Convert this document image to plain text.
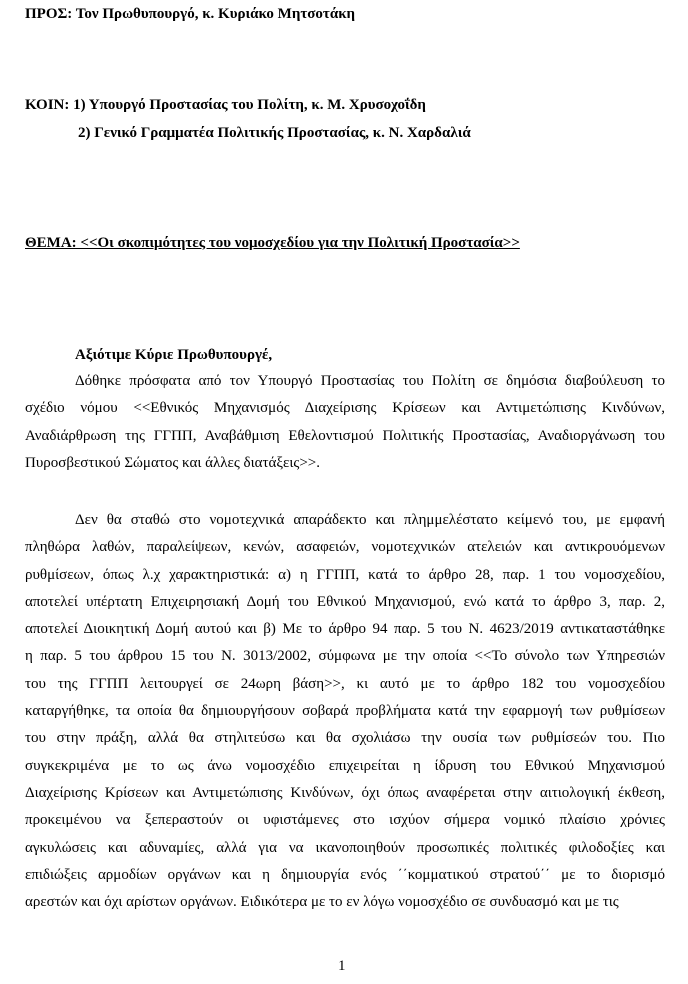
ΠΡΟΣ: Τον Πρωθυπουργό, κ. Κυριάκο Μητσοτάκη
ΚΟΙΝ: 1) Υπουργό Προστασίας του Πολίτη, κ. Μ. Χρυσοχοΐδη
2) Γενικό Γραμματέα Πολιτικής Προστασίας, κ. Ν. Χαρδαλιά
ΘΕΜΑ: <<Οι σκοπιμότητες του νομοσχεδίου για την Πολιτική Προστασία>>
Αξιότιμε Κύριε Πρωθυπουργέ,
Δόθηκε πρόσφατα από τον Υπουργό Προστασίας του Πολίτη σε δημόσια διαβούλευση το
σχέδιο νόμου <<Εθνικός Μηχανισμός Διαχείρισης Κρίσεων και Αντιμετώπισης Κινδύνων,
Αναδιάρθρωση της ΓΓΠΠ, Αναβάθμιση Εθελοντισμού Πολιτικής Προστασίας, Αναδιοργάνωση του
Πυροσβεστικού Σώματος και άλλες διατάξεις>>.
Δεν θα σταθώ στο νομοτεχνικά απαράδεκτο και πλημμελέστατο κείμενό του, με εμφανή
πληθώρα λαθών, παραλείψεων, κενών, ασαφειών, νομοτεχνικών ατελειών και αντικρουόμενων
ρυθμίσεων, όπως λ.χ χαρακτηριστικά: α) η ΓΓΠΠ, κατά το άρθρο 28, παρ. 1 του νομοσχεδίου,
αποτελεί υπέρτατη Επιχειρησιακή Δομή του Εθνικού Μηχανισμού, ενώ κατά το άρθρο 3, παρ. 2,
αποτελεί Διοικητική Δομή αυτού και β) Με το άρθρο 94 παρ. 5 του Ν. 4623/2019 αντικαταστάθηκε
η παρ. 5 του άρθρου 15 του Ν. 3013/2002, σύμφωνα με την οποία <<Το σύνολο των Υπηρεσιών
του της ΓΓΠΠ λειτουργεί σε 24ωρη βάση>>, κι αυτό με το άρθρο 182 του νομοσχεδίου
καταργήθηκε, τα οποία θα δημιουργήσουν σοβαρά προβλήματα κατά την εφαρμογή των ρυθμίσεων
του στην πράξη, αλλά θα στηλιτεύσω και θα σχολιάσω την ουσία των ρυθμίσεών του. Πιο
συγκεκριμένα με το ως άνω νομοσχέδιο επιχειρείται η ίδρυση του Εθνικού Μηχανισμού
Διαχείρισης Κρίσεων και Αντιμετώπισης Κινδύνων, όχι όπως αναφέρεται στην αιτιολογική έκθεση,
προκειμένου να ξεπεραστούν οι υφιστάμενες στο ισχύον σήμερα νομικό πλαίσιο χρόνιες
αγκυλώσεις και αδυναμίες, αλλά για να ικανοποιηθούν προσωπικές πολιτικές φιλοδοξίες και
επιδιώξεις αρμοδίων οργάνων και η δημιουργία ενός ΄΄κομματικού στρατού΄΄ με το διορισμό
αρεστών και όχι αρίστων οργάνων. Ειδικότερα με το εν λόγω νομοσχέδιο σε συνδυασμό και με τις
1
